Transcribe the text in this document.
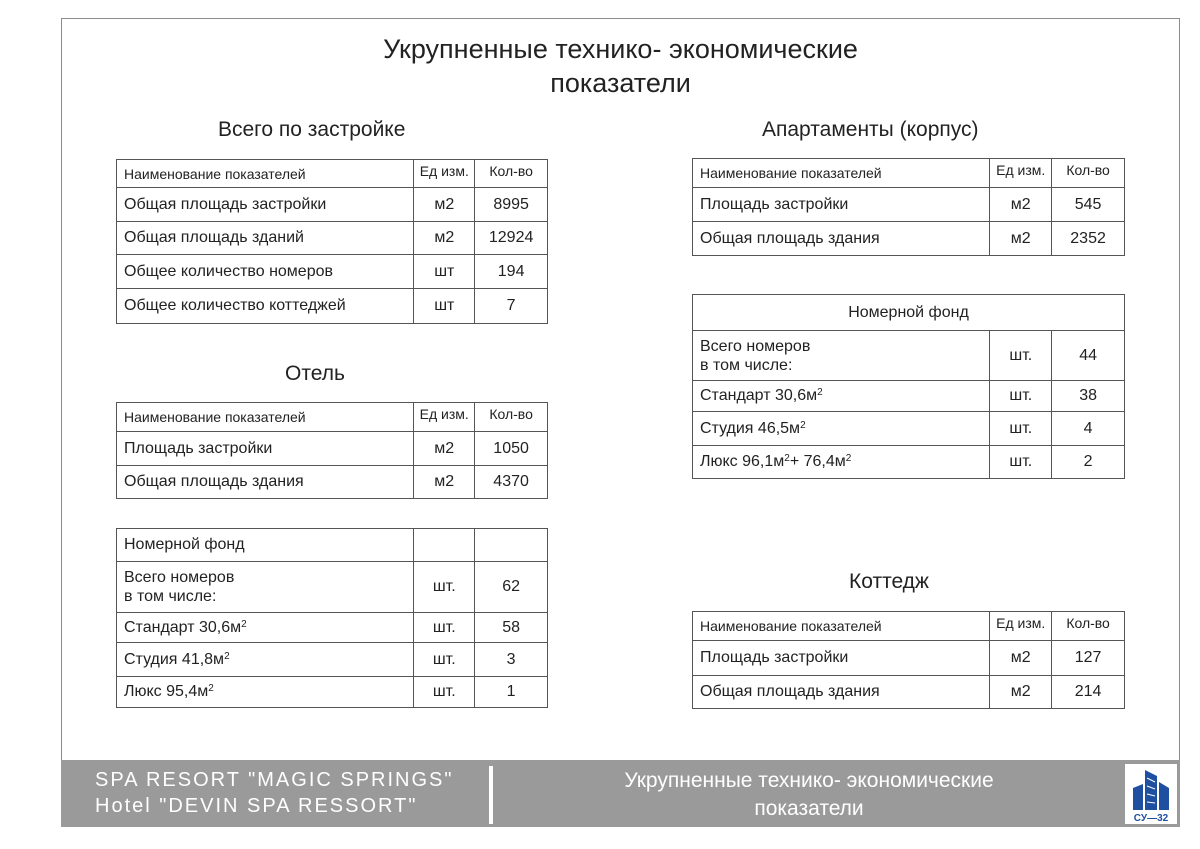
Укрупненные технико- экономические
показатели
Всего по застройке
Наименование показателей	Ед изм.	Кол-во
Общая площадь застройки	м2	8995
Общая площадь зданий	м2	12924
Общее количество номеров	шт	194
Общее количество коттеджей	шт	7
Отель
Наименование показателей	Ед изм.	Кол-во
Площадь застройки	м2	1050
Общая площадь здания	м2	4370
Номерной фонд		
Всего номеров
в том числе:	шт.	62
Стандарт $30,6м^2$	шт.	58
Студия $41,8м^2$	шт.	3
Люкс $95,4м^2$	шт.	1
Апартаменты (корпус)
Наименование показателей	Ед изм.	Кол-во
Площадь застройки	м2	545
Общая площадь здания	м2	2352
Номерной фонд		
Всего номеров
в том числе:	шт.	44
Стандарт $30,6м^2$	шт.	38
Студия $46,5м^2$	шт.	4
Люкс $96,1м^2+ 76,4м^2$	шт.	2
Коттедж
Наименование показателей	Ед изм.	Кол-во
Площадь застройки	м2	127
Общая площадь здания	м2	214
SPA RESORT "MAGIC SPRINGS"
Hotel "DEVIN SPA RESSORT"
Укрупненные технико- экономические
показатели	СУ—32
